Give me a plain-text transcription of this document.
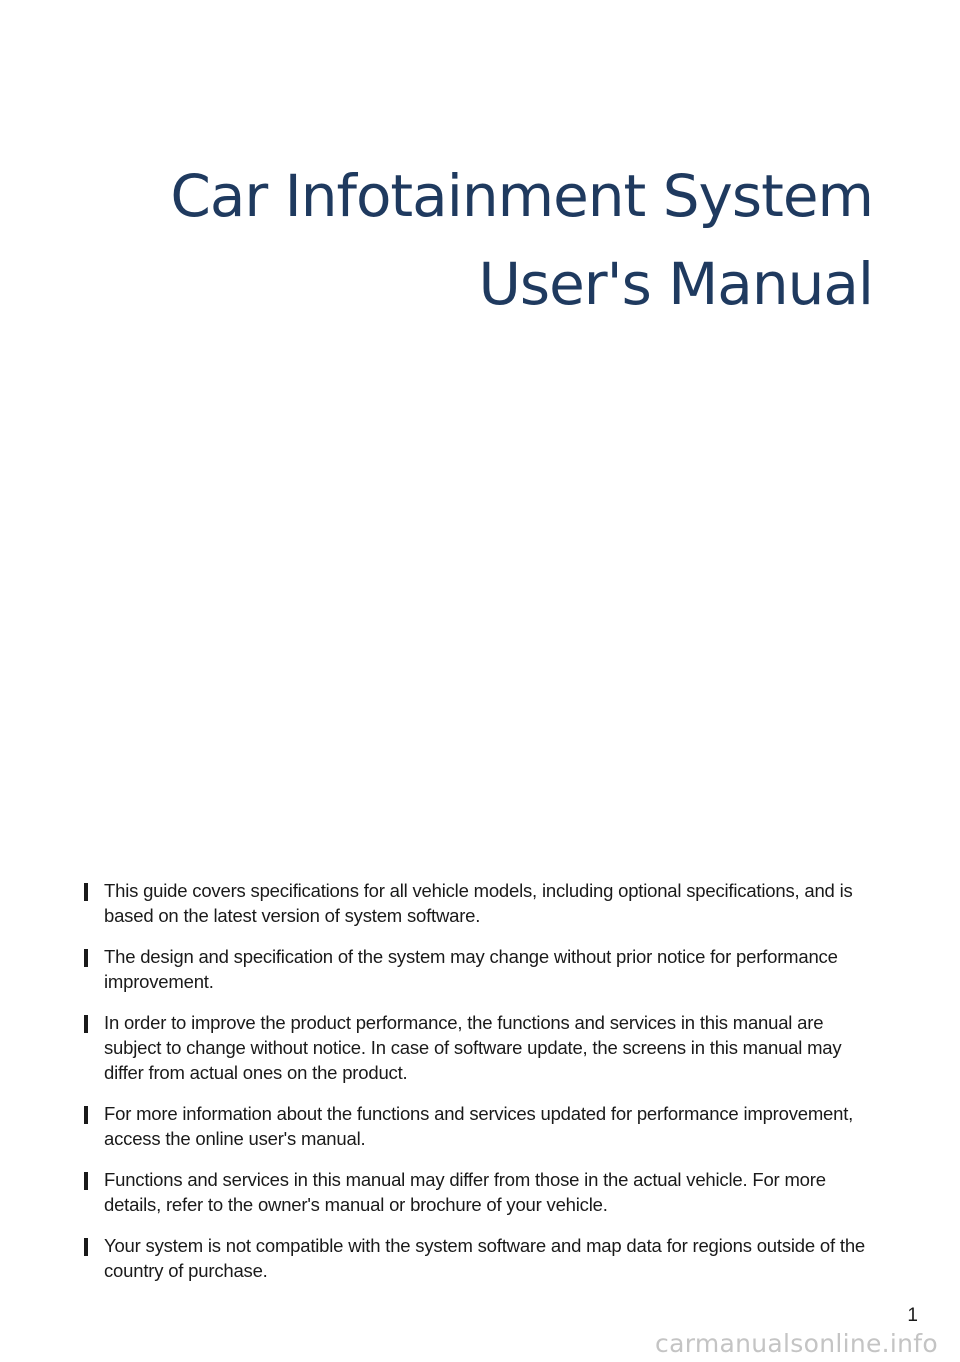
Car Infotainment System
User's Manual
This guide covers specifications for all vehicle models, including optional specifications, and is based on the latest version of system software.
The design and specification of the system may change without prior notice for performance improvement.
In order to improve the product performance, the functions and services in this manual are subject to change without notice. In case of software update, the screens in this manual may differ from actual ones on the product.
For more information about the functions and services updated for performance improvement, access the online user's manual.
Functions and services in this manual may differ from those in the actual vehicle. For more details, refer to the owner's manual or brochure of your vehicle.
Your system is not compatible with the system software and map data for regions outside of the country of purchase.
1
carmanualsonline.info
